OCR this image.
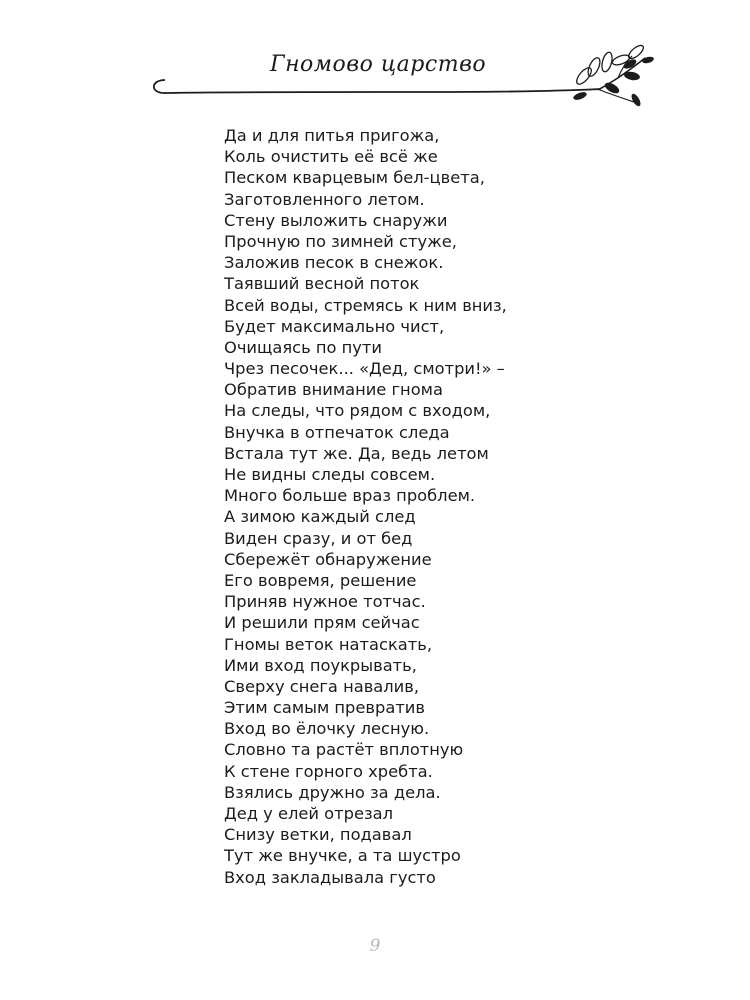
Гномово царство
Да и для питья пригожа,
Коль очистить её всё же
Песком кварцевым бел-цвета,
Заготовленного летом.
Стену выложить снаружи
Прочную по зимней стуже,
Заложив песок в снежок.
Таявший весной поток
Всей воды, стремясь к ним вниз,
Будет максимально чист,
Очищаясь по пути
Чрез песочек... «Дед, смотри!» –
Обратив внимание гнома
На следы, что рядом с входом,
Внучка в отпечаток следа
Встала тут же. Да, ведь летом
Не видны следы совсем.
Много больше враз проблем.
А зимою каждый след
Виден сразу, и от бед
Сбережёт обнаружение
Его вовремя, решение
Приняв нужное тотчас.
И решили прям сейчас
Гномы веток натаскать,
Ими вход поукрывать,
Сверху снега навалив,
Этим самым превратив
Вход во ёлочку лесную.
Словно та растёт вплотную
К стене горного хребта.
Взялись дружно за дела.
Дед у елей отрезал
Снизу ветки, подавал
Тут же внучке, а та шустро
Вход закладывала густо
9
